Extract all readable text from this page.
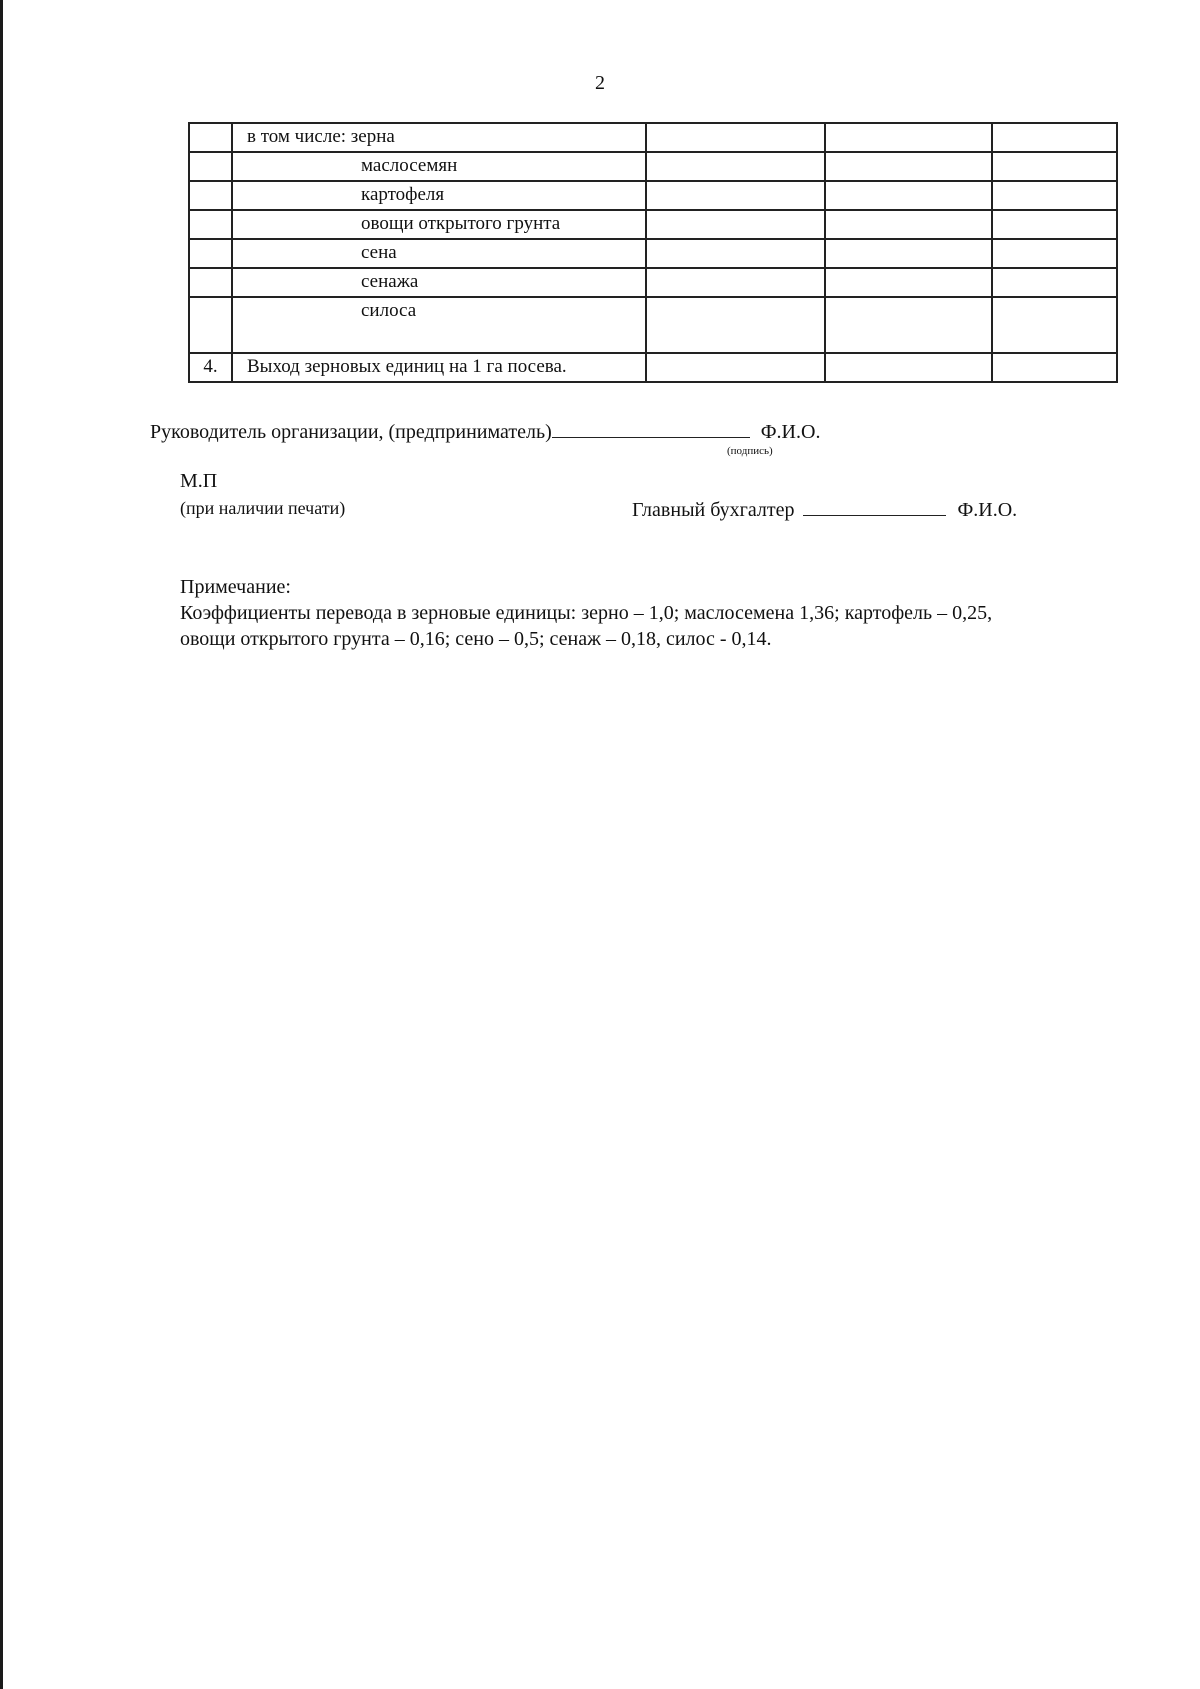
2
	в том числе: зерна			
	маслосемян			
	картофеля			
	овощи открытого грунта			
	сена			
	сенажа			
	силоса			
4.	Выход зерновых единиц на 1 га посева.			
Руководитель организации, (предприниматель)	Ф.И.О.
(подпись)
М.П
(при наличии печати)	Главный бухгалтер	Ф.И.О.
Примечание:
Коэффициенты перевода в зерновые единицы: зерно – 1,0; маслосемена 1,36; картофель – 0,25,
овощи открытого грунта – 0,16; сено – 0,5; сенаж – 0,18, силос - 0,14.
